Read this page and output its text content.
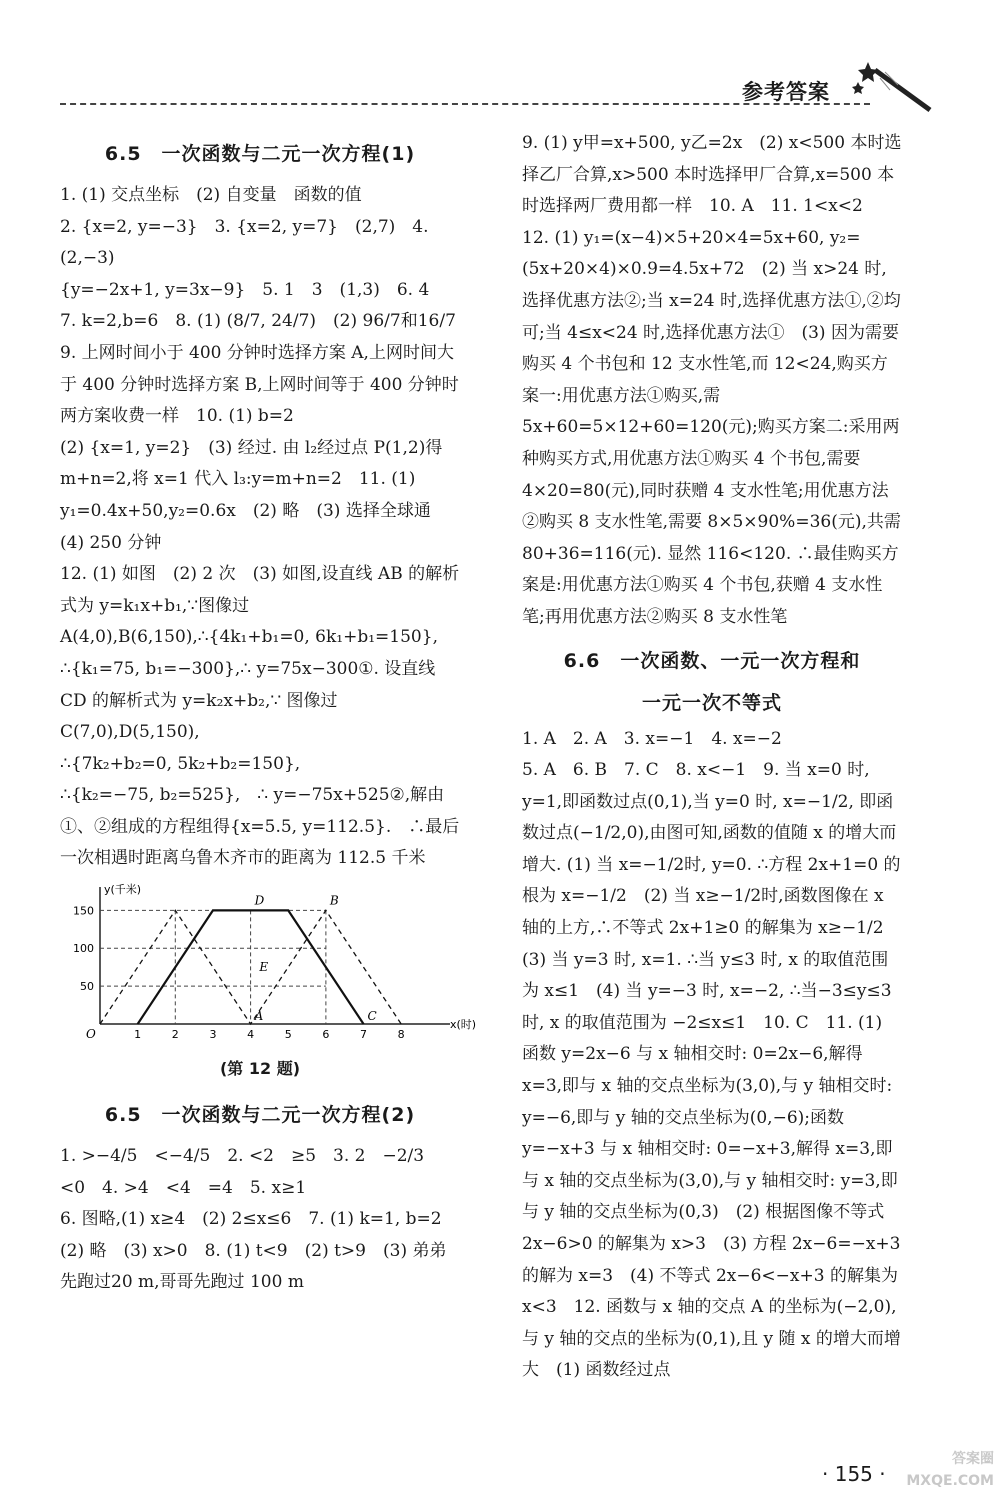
参考答案

6.5　一次函数与二元一次方程(1)

1. (1) 交点坐标　(2) 自变量　函数的值

2. {x=2, y=−3}　3. {x=2, y=7}　(2,7)　4. (2,−3)

{y=−2x+1, y=3x−9}　5. 1　3　(1,3)　6. 4

7. k=2,b=6　8. (1) (8/7, 24/7)　(2) 96/7和16/7

9. 上网时间小于 400 分钟时选择方案 A,上网时间大于 400 分钟时选择方案 B,上网时间等于 400 分钟时两方案收费一样　10. (1) b=2

(2) {x=1, y=2}　(3) 经过. 由 l₂经过点 P(1,2)得 m+n=2,将 x=1 代入 l₃:y=m+n=2　11. (1) y₁=0.4x+50,y₂=0.6x　(2) 略　(3) 选择全球通　(4) 250 分钟

12. (1) 如图　(2) 2 次　(3) 如图,设直线 AB 的解析式为 y=k₁x+b₁,∵图像过 A(4,0),B(6,150),∴{4k₁+b₁=0, 6k₁+b₁=150},　∴{k₁=75, b₁=−300},∴ y=75x−300①. 设直线 CD 的解析式为 y=k₂x+b₂,∵ 图像过 C(7,0),D(5,150),

∴{7k₂+b₂=0, 5k₂+b₂=150},

∴{k₂=−75, b₂=525},　∴ y=−75x+525②,解由①、②组成的方程组得{x=5.5, y=112.5}.　∴最后一次相遇时距离乌鲁木齐市的距离为 112.5 千米

y(千米)
x(时)
50
100
150
1	2	3	4	5	6	7	8
D	B
E
A	C
O

(第 12 题)

6.5　一次函数与二元一次方程(2)

1. >−4/5　<−4/5　2. <2　≥5　3. 2　−2/3　<0　4. >4　<4　=4　5. x≥1

6. 图略,(1) x≥4　(2) 2≤x≤6　7. (1) k=1, b=2　(2) 略　(3) x>0　8. (1) t<9　(2) t>9　(3) 弟弟先跑过20 m,哥哥先跑过 100 m

9. (1) y甲=x+500, y乙=2x　(2) x<500 本时选择乙厂合算,x>500 本时选择甲厂合算,x=500 本时选择两厂费用都一样　10. A　11. 1<x<2　12. (1) y₁=(x−4)×5+20×4=5x+60, y₂=(5x+20×4)×0.9=4.5x+72　(2) 当 x>24 时,选择优惠方法②;当 x=24 时,选择优惠方法①,②均可;当 4≤x<24 时,选择优惠方法①　(3) 因为需要购买 4 个书包和 12 支水性笔,而 12<24,购买方案一:用优惠方法①购买,需 5x+60=5×12+60=120(元);购买方案二:采用两种购买方式,用优惠方法①购买 4 个书包,需要 4×20=80(元),同时获赠 4 支水性笔;用优惠方法②购买 8 支水性笔,需要 8×5×90%=36(元),共需 80+36=116(元). 显然 116<120. ∴最佳购买方案是:用优惠方法①购买 4 个书包,获赠 4 支水性笔;再用优惠方法②购买 8 支水性笔

6.6　一次函数、一元一次方程和

一元一次不等式

1. A　2. A　3. x=−1　4. x=−2

5. A　6. B　7. C　8. x<−1　9. 当 x=0 时, y=1,即函数过点(0,1),当 y=0 时, x=−1/2, 即函数过点(−1/2,0),由图可知,函数的值随 x 的增大而增大. (1) 当 x=−1/2时, y=0. ∴方程 2x+1=0 的根为 x=−1/2　(2) 当 x≥−1/2时,函数图像在 x 轴的上方,∴不等式 2x+1≥0 的解集为 x≥−1/2　(3) 当 y=3 时, x=1. ∴当 y≤3 时, x 的取值范围为 x≤1　(4) 当 y=−3 时, x=−2, ∴当−3≤y≤3 时, x 的取值范围为 −2≤x≤1　10. C　11. (1) 函数 y=2x−6 与 x 轴相交时: 0=2x−6,解得 x=3,即与 x 轴的交点坐标为(3,0),与 y 轴相交时: y=−6,即与 y 轴的交点坐标为(0,−6);函数 y=−x+3 与 x 轴相交时: 0=−x+3,解得 x=3,即与 x 轴的交点坐标为(3,0),与 y 轴相交时: y=3,即与 y 轴的交点坐标为(0,3)　(2) 根据图像不等式 2x−6>0 的解集为 x>3　(3) 方程 2x−6=−x+3 的解为 x=3　(4) 不等式 2x−6<−x+3 的解集为 x<3　12. 函数与 x 轴的交点 A 的坐标为(−2,0),与 y 轴的交点的坐标为(0,1),且 y 随 x 的增大而增大　(1) 函数经过点

· 155 ·
答案圈
MXQE.COM
